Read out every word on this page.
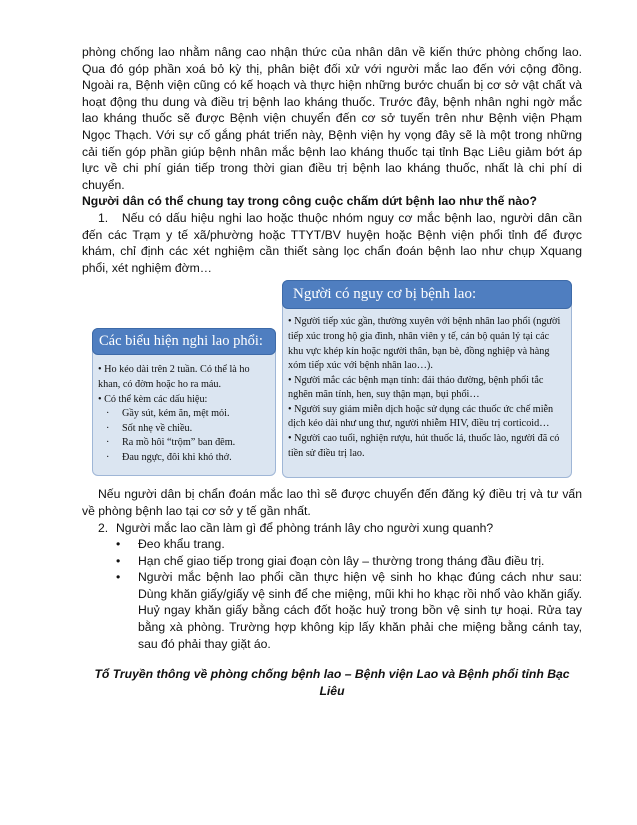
phòng chống lao nhằm nâng cao nhận thức của nhân dân về kiến thức phòng chống lao. Qua đó góp phần xoá bỏ kỳ thị, phân biệt đối xử với người mắc lao đến với cộng đồng. Ngoài ra, Bệnh viện cũng có kế hoạch và thực hiện những bước chuẩn bị cơ sở vật chất và hoạt động thu dung và điều trị bệnh lao kháng thuốc. Trước đây, bệnh nhân nghi ngờ mắc lao kháng thuốc sẽ được Bệnh viện chuyển đến cơ sở tuyến trên như Bệnh viện Phạm Ngọc Thạch. Với sự cố gắng phát triển này, Bệnh viện hy vọng đây sẽ là một trong những cải tiến góp phần giúp bệnh nhân mắc bệnh lao kháng thuốc tại tỉnh Bạc Liêu giảm bớt áp lực về chi phí gián tiếp trong thời gian điều trị bệnh lao kháng thuốc, nhất là chi phí di chuyển.

Người dân có thể chung tay trong công cuộc chấm dứt bệnh lao như thế nào?

1. Nếu có dấu hiệu nghi lao hoặc thuộc nhóm nguy cơ mắc bệnh lao, người dân cần đến các Trạm y tế xã/phường hoặc TTYT/BV huyện hoặc Bệnh viện phổi tỉnh để được khám, chỉ định các xét nghiệm cần thiết sàng lọc chẩn đoán bệnh lao như chụp Xquang phổi, xét nghiệm đờm…

Người có nguy cơ bị bệnh lao:
• Người tiếp xúc gần, thường xuyên với bệnh nhân lao phổi (người tiếp xúc trong hộ gia đình, nhân viên y tế, cán bộ quản lý tại các khu vực khép kín hoặc người thân, bạn bè, đồng nghiệp và hàng xóm tiếp xúc với bệnh nhân lao…).
• Người mắc các bệnh mạn tính: đái tháo đường, bệnh phổi tắc nghẽn mãn tính, hen, suy thận mạn, bụi phổi…
• Người suy giảm miễn dịch hoặc sử dụng các thuốc ức chế miễn dịch kéo dài như ung thư, người nhiễm HIV, điều trị corticoid…
• Người cao tuổi, nghiện rượu, hút thuốc lá, thuốc lào, người đã có tiền sử điều trị lao.
Các biểu hiện nghi lao phổi:
• Ho kéo dài trên 2 tuần. Có thể là ho khan, có đờm hoặc ho ra máu.
• Có thể kèm các dấu hiệu:
· Gầy sút, kém ăn, mệt mỏi.
· Sốt nhẹ về chiều.
· Ra mồ hôi “trộm” ban đêm.
· Đau ngực, đôi khi khó thở.

Nếu người dân bị chẩn đoán mắc lao thì sẽ được chuyển đến đăng ký điều trị và tư vấn về phòng bệnh lao tại cơ sở y tế gần nhất.

2. Người mắc lao cần làm gì để phòng tránh lây cho người xung quanh?
• Đeo khẩu trang.
• Hạn chế giao tiếp trong giai đoạn còn lây – thường trong tháng đầu điều trị.
• Người mắc bệnh lao phổi cần thực hiện vệ sinh ho khạc đúng cách như sau: Dùng khăn giấy/giấy vệ sinh để che miệng, mũi khi ho khạc rồi nhổ vào khăn giấy. Huỷ ngay khăn giấy bằng cách đốt hoặc huỷ trong bồn vệ sinh tự hoại. Rửa tay bằng xà phòng. Trường hợp không kịp lấy khăn phải che miệng bằng cánh tay, sau đó phải thay giặt áo.
Tổ Truyền thông về phòng chống bệnh lao – Bệnh viện Lao và Bệnh phổi tỉnh Bạc Liêu
